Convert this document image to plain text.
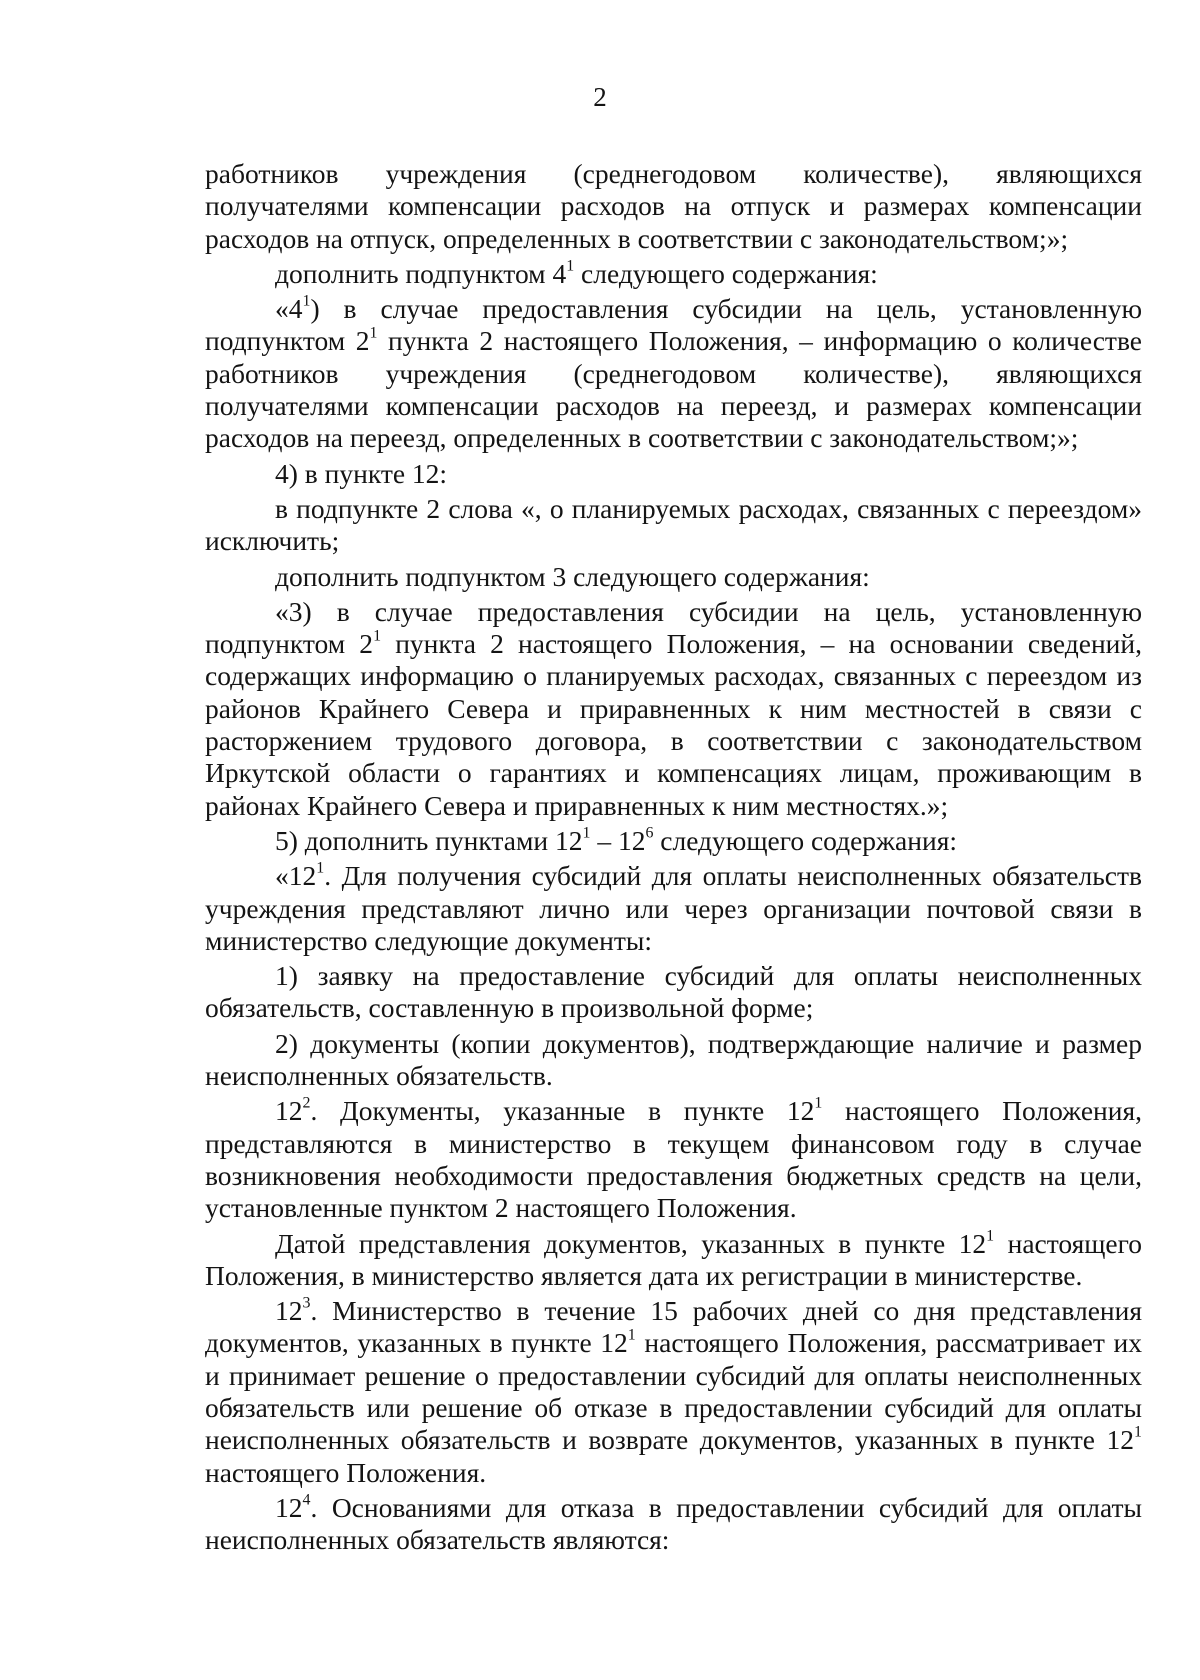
2

работников учреждения (среднегодовом количестве), являющихся получателями компенсации расходов на отпуск и размерах компенсации расходов на отпуск, определенных в соответствии с законодательством;»;

дополнить подпунктом $4^1$ следующего содержания:

«$4^1$) в случае предоставления субсидии на цель, установленную подпунктом $2^1$ пункта 2 настоящего Положения, – информацию о количестве работников учреждения (среднегодовом количестве), являющихся получателями компенсации расходов на переезд, и размерах компенсации расходов на переезд, определенных в соответствии с законодательством;»;

4) в пункте 12:

в подпункте 2 слова «, о планируемых расходах, связанных с переездом» исключить;

дополнить подпунктом 3 следующего содержания:

«3) в случае предоставления субсидии на цель, установленную подпунктом $2^1$ пункта 2 настоящего Положения, – на основании сведений, содержащих информацию о планируемых расходах, связанных с переездом из районов Крайнего Севера и приравненных к ним местностей в связи с расторжением трудового договора, в соответствии с законодательством Иркутской области о гарантиях и компенсациях лицам, проживающим в районах Крайнего Севера и приравненных к ним местностях.»;

5) дополнить пунктами $12^1 - 12^6$ следующего содержания:

«$12^1$. Для получения субсидий для оплаты неисполненных обязательств учреждения представляют лично или через организации почтовой связи в министерство следующие документы:

1) заявку на предоставление субсидий для оплаты неисполненных обязательств, составленную в произвольной форме;

2) документы (копии документов), подтверждающие наличие и размер неисполненных обязательств.

$12^2$. Документы, указанные в пункте $12^1$ настоящего Положения, представляются в министерство в текущем финансовом году в случае возникновения необходимости предоставления бюджетных средств на цели, установленные пунктом 2 настоящего Положения.

Датой представления документов, указанных в пункте $12^1$ настоящего Положения, в министерство является дата их регистрации в министерстве.

$12^3$. Министерство в течение 15 рабочих дней со дня представления документов, указанных в пункте $12^1$ настоящего Положения, рассматривает их и принимает решение о предоставлении субсидий для оплаты неисполненных обязательств или решение об отказе в предоставлении субсидий для оплаты неисполненных обязательств и возврате документов, указанных в пункте $12^1$ настоящего Положения.

$12^4$. Основаниями для отказа в предоставлении субсидий для оплаты неисполненных обязательств являются:
